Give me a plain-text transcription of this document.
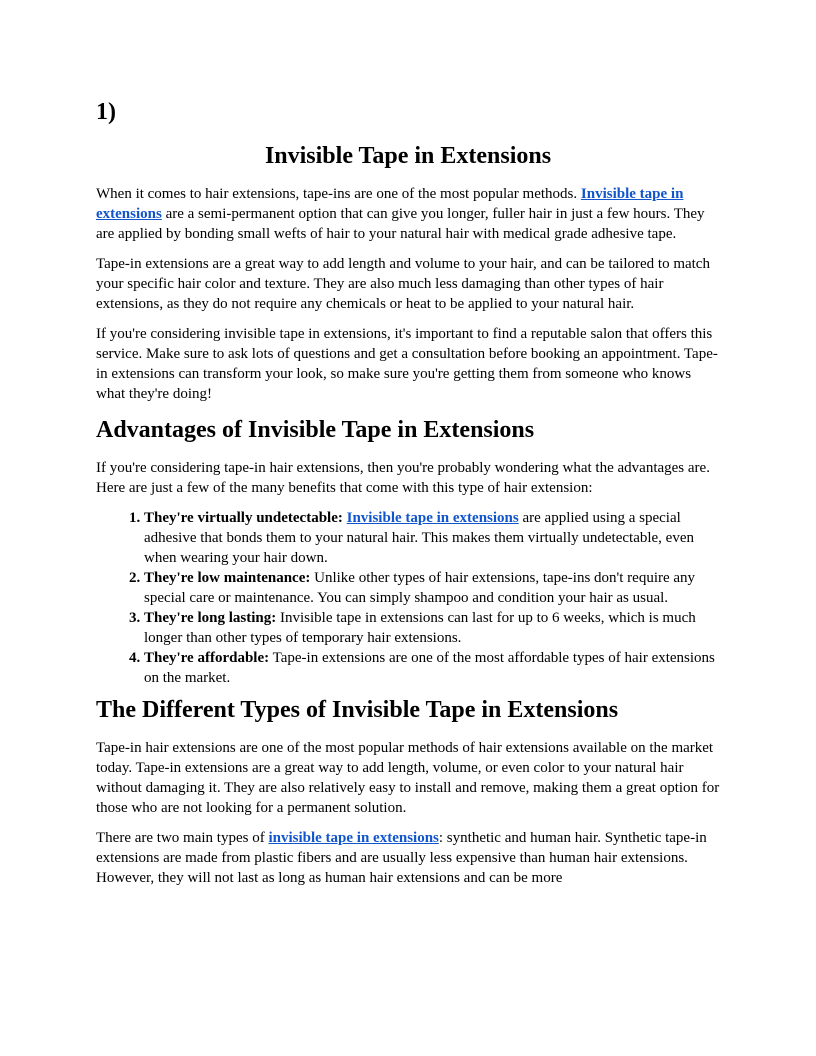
1)
Invisible Tape in Extensions

When it comes to hair extensions, tape-ins are one of the most popular methods. Invisible tape in extensions are a semi-permanent option that can give you longer, fuller hair in just a few hours. They are applied by bonding small wefts of hair to your natural hair with medical grade adhesive tape.

Tape-in extensions are a great way to add length and volume to your hair, and can be tailored to match your specific hair color and texture. They are also much less damaging than other types of hair extensions, as they do not require any chemicals or heat to be applied to your natural hair.

If you're considering invisible tape in extensions, it's important to find a reputable salon that offers this service. Make sure to ask lots of questions and get a consultation before booking an appointment. Tape-in extensions can transform your look, so make sure you're getting them from someone who knows what they're doing!

Advantages of Invisible Tape in Extensions

If you're considering tape-in hair extensions, then you're probably wondering what the advantages are. Here are just a few of the many benefits that come with this type of hair extension:

1. They're virtually undetectable: Invisible tape in extensions are applied using a special adhesive that bonds them to your natural hair. This makes them virtually undetectable, even when wearing your hair down.
2. They're low maintenance: Unlike other types of hair extensions, tape-ins don't require any special care or maintenance. You can simply shampoo and condition your hair as usual.
3. They're long lasting: Invisible tape in extensions can last for up to 6 weeks, which is much longer than other types of temporary hair extensions.
4. They're affordable: Tape-in extensions are one of the most affordable types of hair extensions on the market.
The Different Types of Invisible Tape in Extensions

Tape-in hair extensions are one of the most popular methods of hair extensions available on the market today. Tape-in extensions are a great way to add length, volume, or even color to your natural hair without damaging it. They are also relatively easy to install and remove, making them a great option for those who are not looking for a permanent solution.

There are two main types of invisible tape in extensions: synthetic and human hair. Synthetic tape-in extensions are made from plastic fibers and are usually less expensive than human hair extensions. However, they will not last as long as human hair extensions and can be more
